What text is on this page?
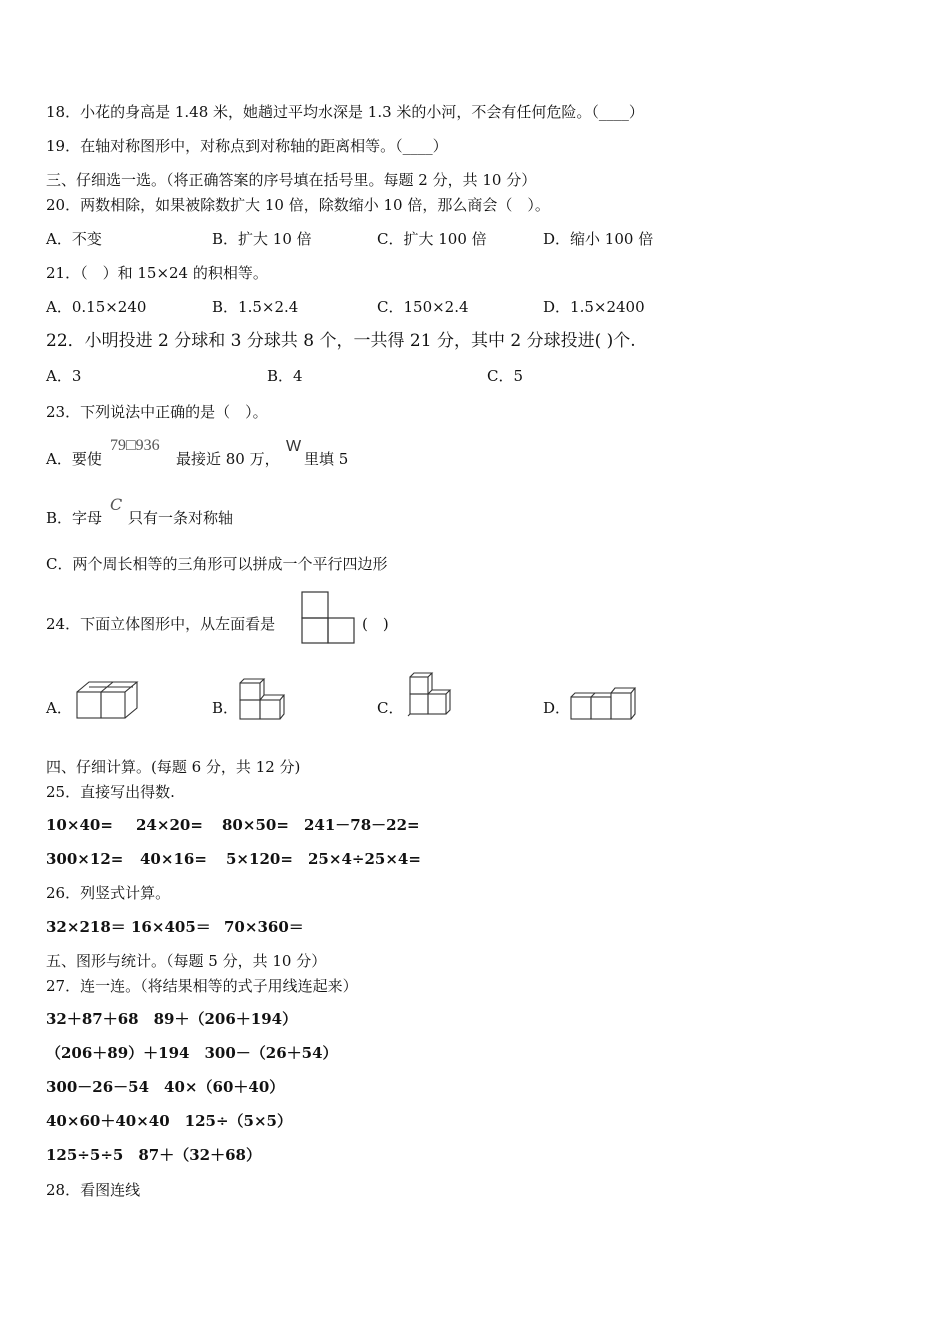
18．小花的身高是 1.48 米，她趟过平均水深是 1.3 米的小河，不会有任何危险。（____）
19．在轴对称图形中，对称点到对称轴的距离相等。（____）
三、仔细选一选。（将正确答案的序号填在括号里。每题 2 分，共 10 分）
20．两数相除，如果被除数扩大 10 倍，除数缩小 10 倍，那么商会（　）。
A．不变	B．扩大 10 倍	C．扩大 100 倍	D．缩小 100 倍
21．（　）和 15×24 的积相等。
A．0.15×240	B．1.5×2.4	C．150×2.4	D．1.5×2400
22．小明投进 2 分球和 3 分球共 8 个，一共得 21 分，其中 2 分球投进( )个.
A．3	B．4	C．5
23．下列说法中正确的是（　）。
A．要使
79□936
最接近 80 万，
W
里填 5
B．字母
C
只有一条对称轴
C．两个周长相等的三角形可以拼成一个平行四边形
24．下面立体图形中，从左面看是	(　)
A．	B．	C．	D．
四、仔细计算。(每题 6 分，共 12 分)
25．直接写出得数.
10×40= 24×20= 80×50= 241－78－22=
300×12= 40×16= 5×120= 25×4÷25×4=
26．列竖式计算。
32×218＝ 16×405＝ 70×360＝
五、图形与统计。（每题 5 分，共 10 分）
27．连一连。（将结果相等的式子用线连起来）
32＋87＋68　89＋（206＋194）
（206＋89）＋194　300－（26＋54）
300－26－54　40×（60＋40）
40×60＋40×40　125÷（5×5）
125÷5÷5　87＋（32＋68）
28．看图连线
